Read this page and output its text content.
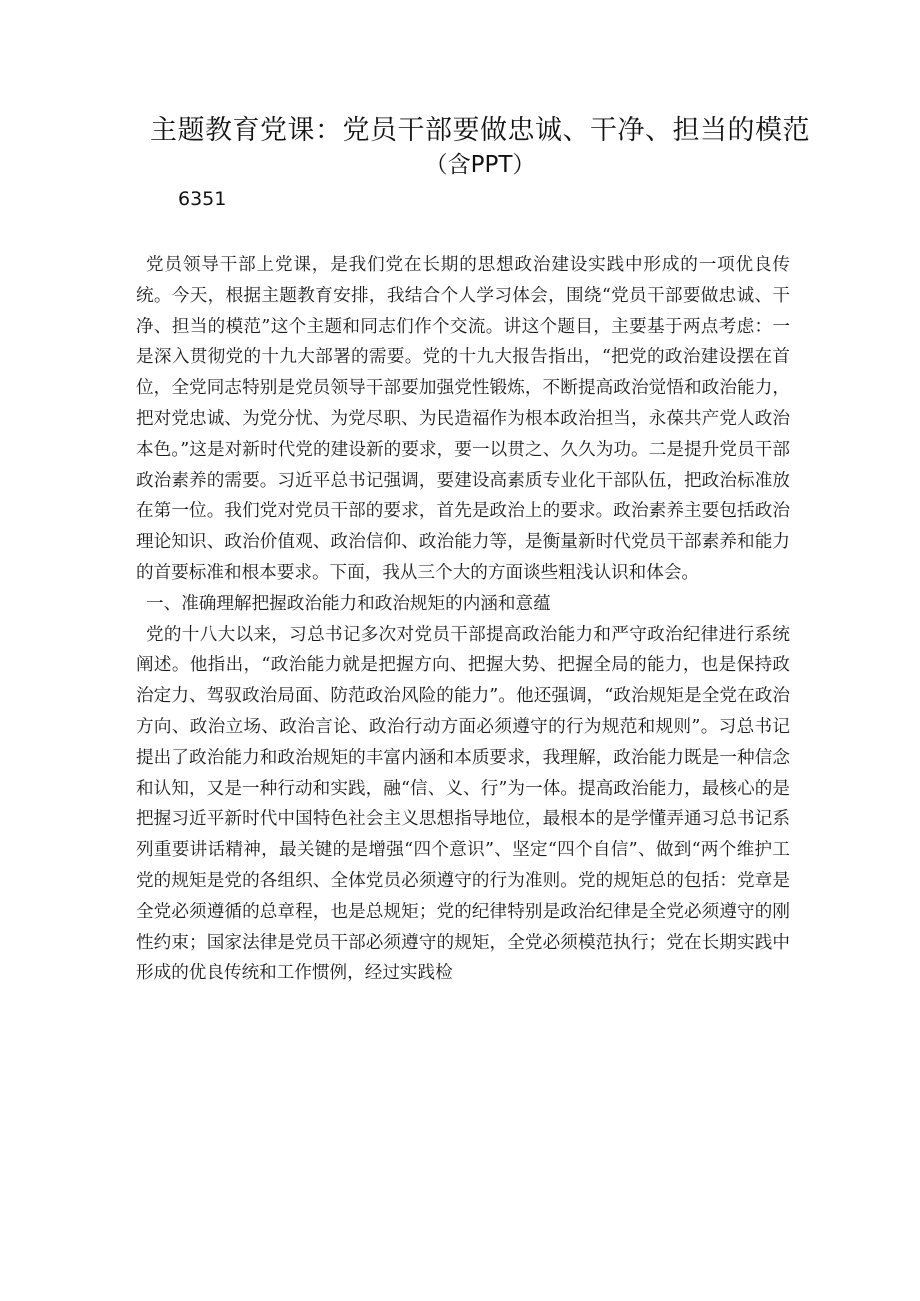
主题教育党课：党员干部要做忠诚、干净、担当的模范
（含PPT）
6351

党员领导干部上党课，是我们党在长期的思想政治建设实践中形成的一项优良传统。今天，根据主题教育安排，我结合个人学习体会，围绕“党员干部要做忠诚、干净、担当的模范”这个主题和同志们作个交流。讲这个题目，主要基于两点考虑：一是深入贯彻党的十九大部署的需要。党的十九大报告指出，“把党的政治建设摆在首位，全党同志特别是党员领导干部要加强党性锻炼，不断提高政治觉悟和政治能力，把对党忠诚、为党分忧、为党尽职、为民造福作为根本政治担当，永葆共产党人政治本色。”这是对新时代党的建设新的要求，要一以贯之、久久为功。二是提升党员干部政治素养的需要。习近平总书记强调，要建设高素质专业化干部队伍，把政治标准放在第一位。我们党对党员干部的要求，首先是政治上的要求。政治素养主要包括政治理论知识、政治价值观、政治信仰、政治能力等，是衡量新时代党员干部素养和能力的首要标准和根本要求。下面，我从三个大的方面谈些粗浅认识和体会。

一、准确理解把握政治能力和政治规矩的内涵和意蕴

党的十八大以来，习总书记多次对党员干部提高政治能力和严守政治纪律进行系统阐述。他指出，“政治能力就是把握方向、把握大势、把握全局的能力，也是保持政治定力、驾驭政治局面、防范政治风险的能力”。他还强调，“政治规矩是全党在政治方向、政治立场、政治言论、政治行动方面必须遵守的行为规范和规则”。习总书记提出了政治能力和政治规矩的丰富内涵和本质要求，我理解，政治能力既是一种信念和认知，又是一种行动和实践，融“信、义、行”为一体。提高政治能力，最核心的是把握习近平新时代中国特色社会主义思想指导地位，最根本的是学懂弄通习总书记系列重要讲话精神，最关键的是增强“四个意识”、坚定“四个自信”、做到“两个维护工党的规矩是党的各组织、全体党员必须遵守的行为准则。党的规矩总的包括：党章是全党必须遵循的总章程，也是总规矩；党的纪律特别是政治纪律是全党必须遵守的刚性约束；国家法律是党员干部必须遵守的规矩，全党必须模范执行；党在长期实践中形成的优良传统和工作惯例，经过实践检
